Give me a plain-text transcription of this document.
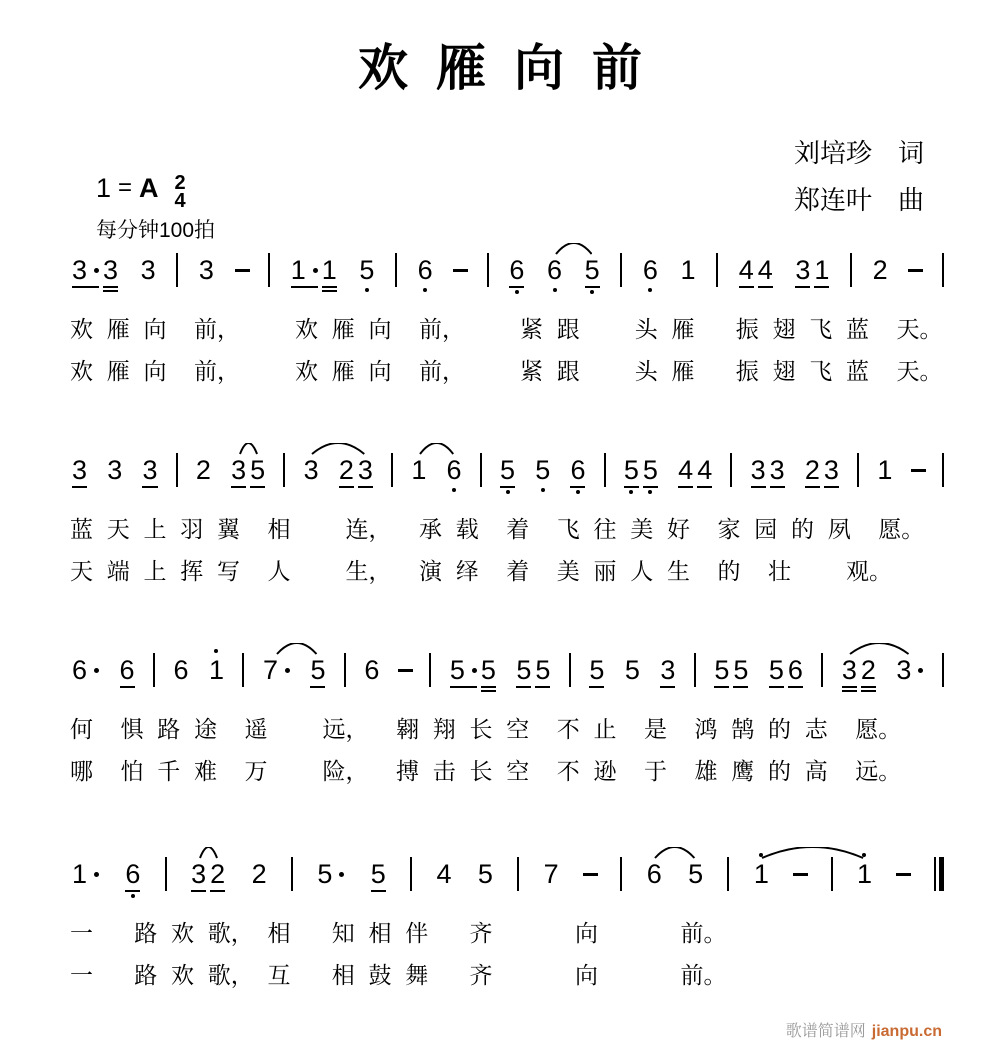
欢雁向前
刘培珍　词
郑连叶　曲
1 = A 2
4
每分钟100拍
3 3 3 3	1 1 5 6	6 6 5 6 1 4 4 3 1 2
欢 雁 向  前，    欢 雁 向  前，    紧 跟    头 雁   振 翅 飞 蓝  天。
欢 雁 向  前，    欢 雁 向  前，    紧 跟    头 雁   振 翅 飞 蓝  天。
3 3 3 2 3 5 3 2 3 1 6 5 5 6 5 5 4 4 3 3 2 3 1
蓝 天 上 羽 翼  相    连，  承 载  着  飞 往 美 好  家 园 的 夙  愿。
天 端 上 挥 写  人    生，  演 绎  着  美 丽 人 生  的  壮    观。
6 6 6 1 7 5 6	5 5 5 5 5 5 3 5 5 5 6 3 2 3
何  惧 路 途  遥    远，  翱 翔 长 空  不 止  是  鸿 鹄 的 志  愿。
哪  怕 千 难  万    险，  搏 击 长 空  不 逊  于  雄 鹰 的 高  远。
1 6 3 2 2 5 5 4 5 7	6 5 1	1
一   路 欢 歌， 相   知 相 伴   齐      向      前。
一   路 欢 歌， 互   相 鼓 舞   齐      向      前。
歌谱简谱网 jianpu.cn
